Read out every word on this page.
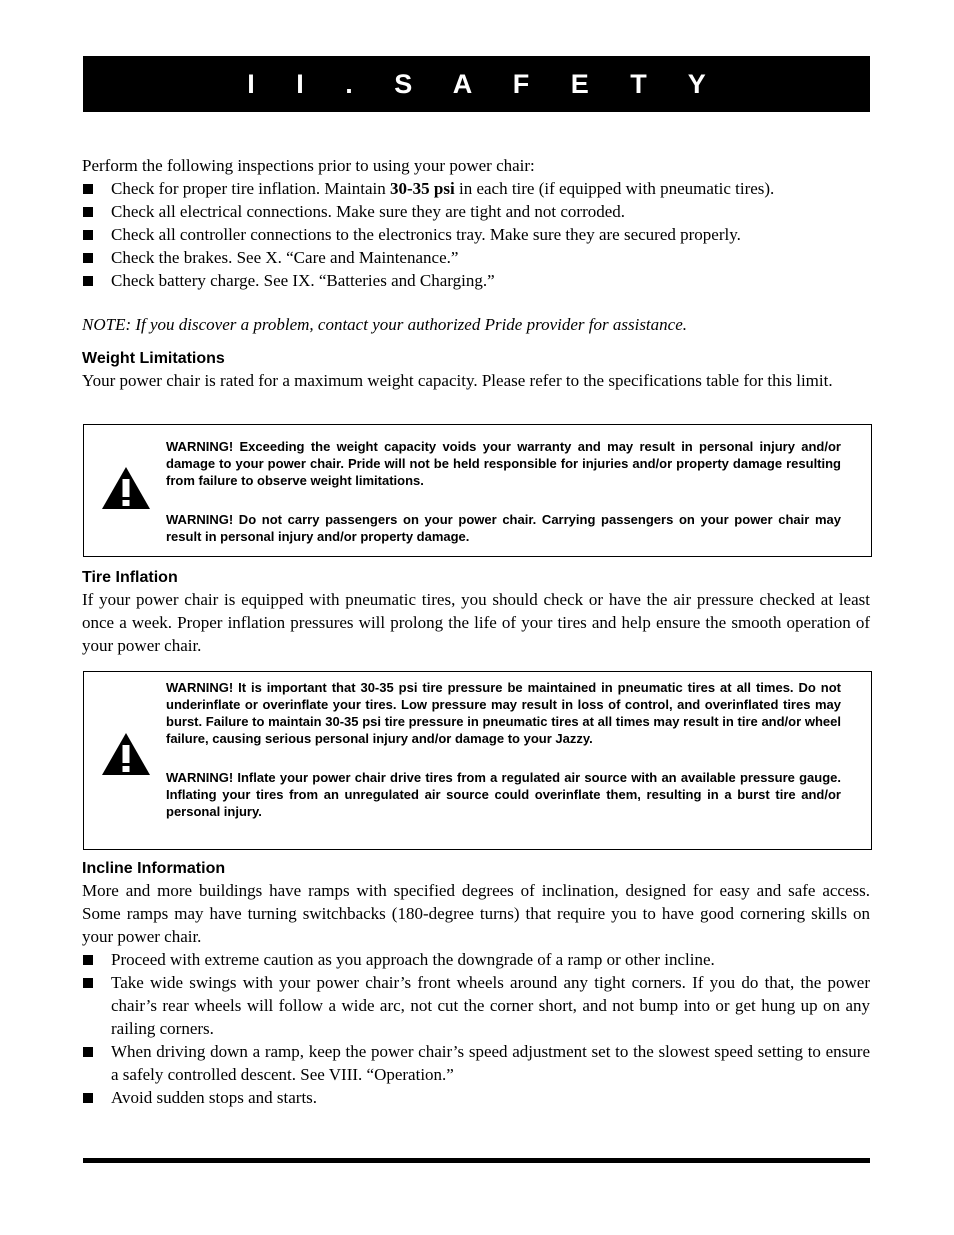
I I . S A F E T Y

Perform the following inspections prior to using your power chair:

Check for proper tire inflation. Maintain 30-35 psi in each tire (if equipped with pneumatic tires).
Check all electrical connections. Make sure they are tight and not corroded.
Check all controller connections to the electronics tray. Make sure they are secured properly.
Check the brakes. See X. “Care and Maintenance.”
Check battery charge. See IX. “Batteries and Charging.”

NOTE: If you discover a problem, contact your authorized Pride provider for assistance.

Weight Limitations

Your power chair is rated for a maximum weight capacity. Please refer to the specifications table for this limit.

WARNING! Exceeding the weight capacity voids your warranty and may result in personal injury and/or damage to your power chair. Pride will not be held responsible for injuries and/or property damage resulting from failure to observe weight limitations.

WARNING! Do not carry passengers on your power chair. Carrying passengers on your power chair may result in personal injury and/or property damage.

Tire Inflation

If your power chair is equipped with pneumatic tires, you should check or have the air pressure checked at least once a week. Proper inflation pressures will prolong the life of your tires and help ensure the smooth operation of your power chair.

WARNING! It is important that 30-35 psi tire pressure be maintained in pneumatic tires at all times. Do not underinflate or overinflate your tires. Low pressure may result in loss of control, and overinflated tires may burst. Failure to maintain 30-35 psi tire pressure in pneumatic tires at all times may result in tire and/or wheel failure, causing serious personal injury and/or damage to your Jazzy.

WARNING! Inflate your power chair drive tires from a regulated air source with an available pressure gauge. Inflating your tires from an unregulated air source could overinflate them, resulting in a burst tire and/or personal injury.

Incline Information

More and more buildings have ramps with specified degrees of inclination, designed for easy and safe access. Some ramps may have turning switchbacks (180-degree turns) that require you to have good cornering skills on your power chair.

Proceed with extreme caution as you approach the downgrade of a ramp or other incline.
Take wide swings with your power chair’s front wheels around any tight corners. If you do that, the power chair’s rear wheels will follow a wide arc, not cut the corner short, and not bump into or get hung up on any railing corners.
When driving down a ramp, keep the power chair’s speed adjustment set to the slowest speed setting to ensure a safely controlled descent. See VIII. “Operation.”
Avoid sudden stops and starts.
